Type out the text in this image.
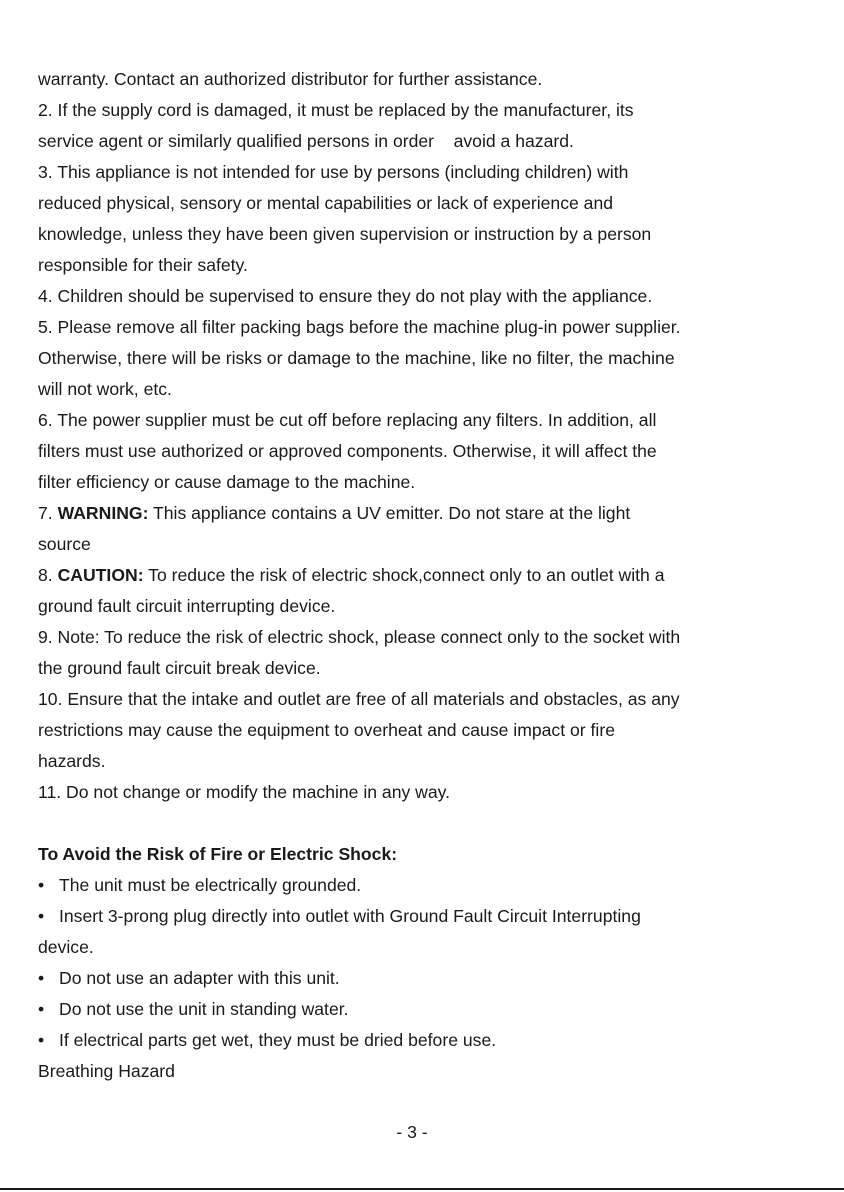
warranty. Contact an authorized distributor for further assistance.
2. If the supply cord is damaged, it must be replaced by the manufacturer, its
service agent or similarly qualified persons in order    avoid a hazard.
3. This appliance is not intended for use by persons (including children) with
reduced physical, sensory or mental capabilities or lack of experience and
knowledge, unless they have been given supervision or instruction by a person
responsible for their safety.
4. Children should be supervised to ensure they do not play with the appliance.
5. Please remove all filter packing bags before the machine plug-in power supplier.
Otherwise, there will be risks or damage to the machine, like no filter, the machine
will not work, etc.
6. The power supplier must be cut off before replacing any filters. In addition, all
filters must use authorized or approved components. Otherwise, it will affect the
filter efficiency or cause damage to the machine.
7. WARNING: This appliance contains a UV emitter. Do not stare at the light
source
8. CAUTION: To reduce the risk of electric shock,connect only to an outlet with a
ground fault circuit interrupting device.
9. Note: To reduce the risk of electric shock, please connect only to the socket with
the ground fault circuit break device.
10. Ensure that the intake and outlet are free of all materials and obstacles, as any
restrictions may cause the equipment to overheat and cause impact or fire
hazards.
11. Do not change or modify the machine in any way.
To Avoid the Risk of Fire or Electric Shock:
• The unit must be electrically grounded.
• Insert 3-prong plug directly into outlet with Ground Fault Circuit Interrupting
device.
• Do not use an adapter with this unit.
• Do not use the unit in standing water.
• If electrical parts get wet, they must be dried before use.
Breathing Hazard
- 3 -
